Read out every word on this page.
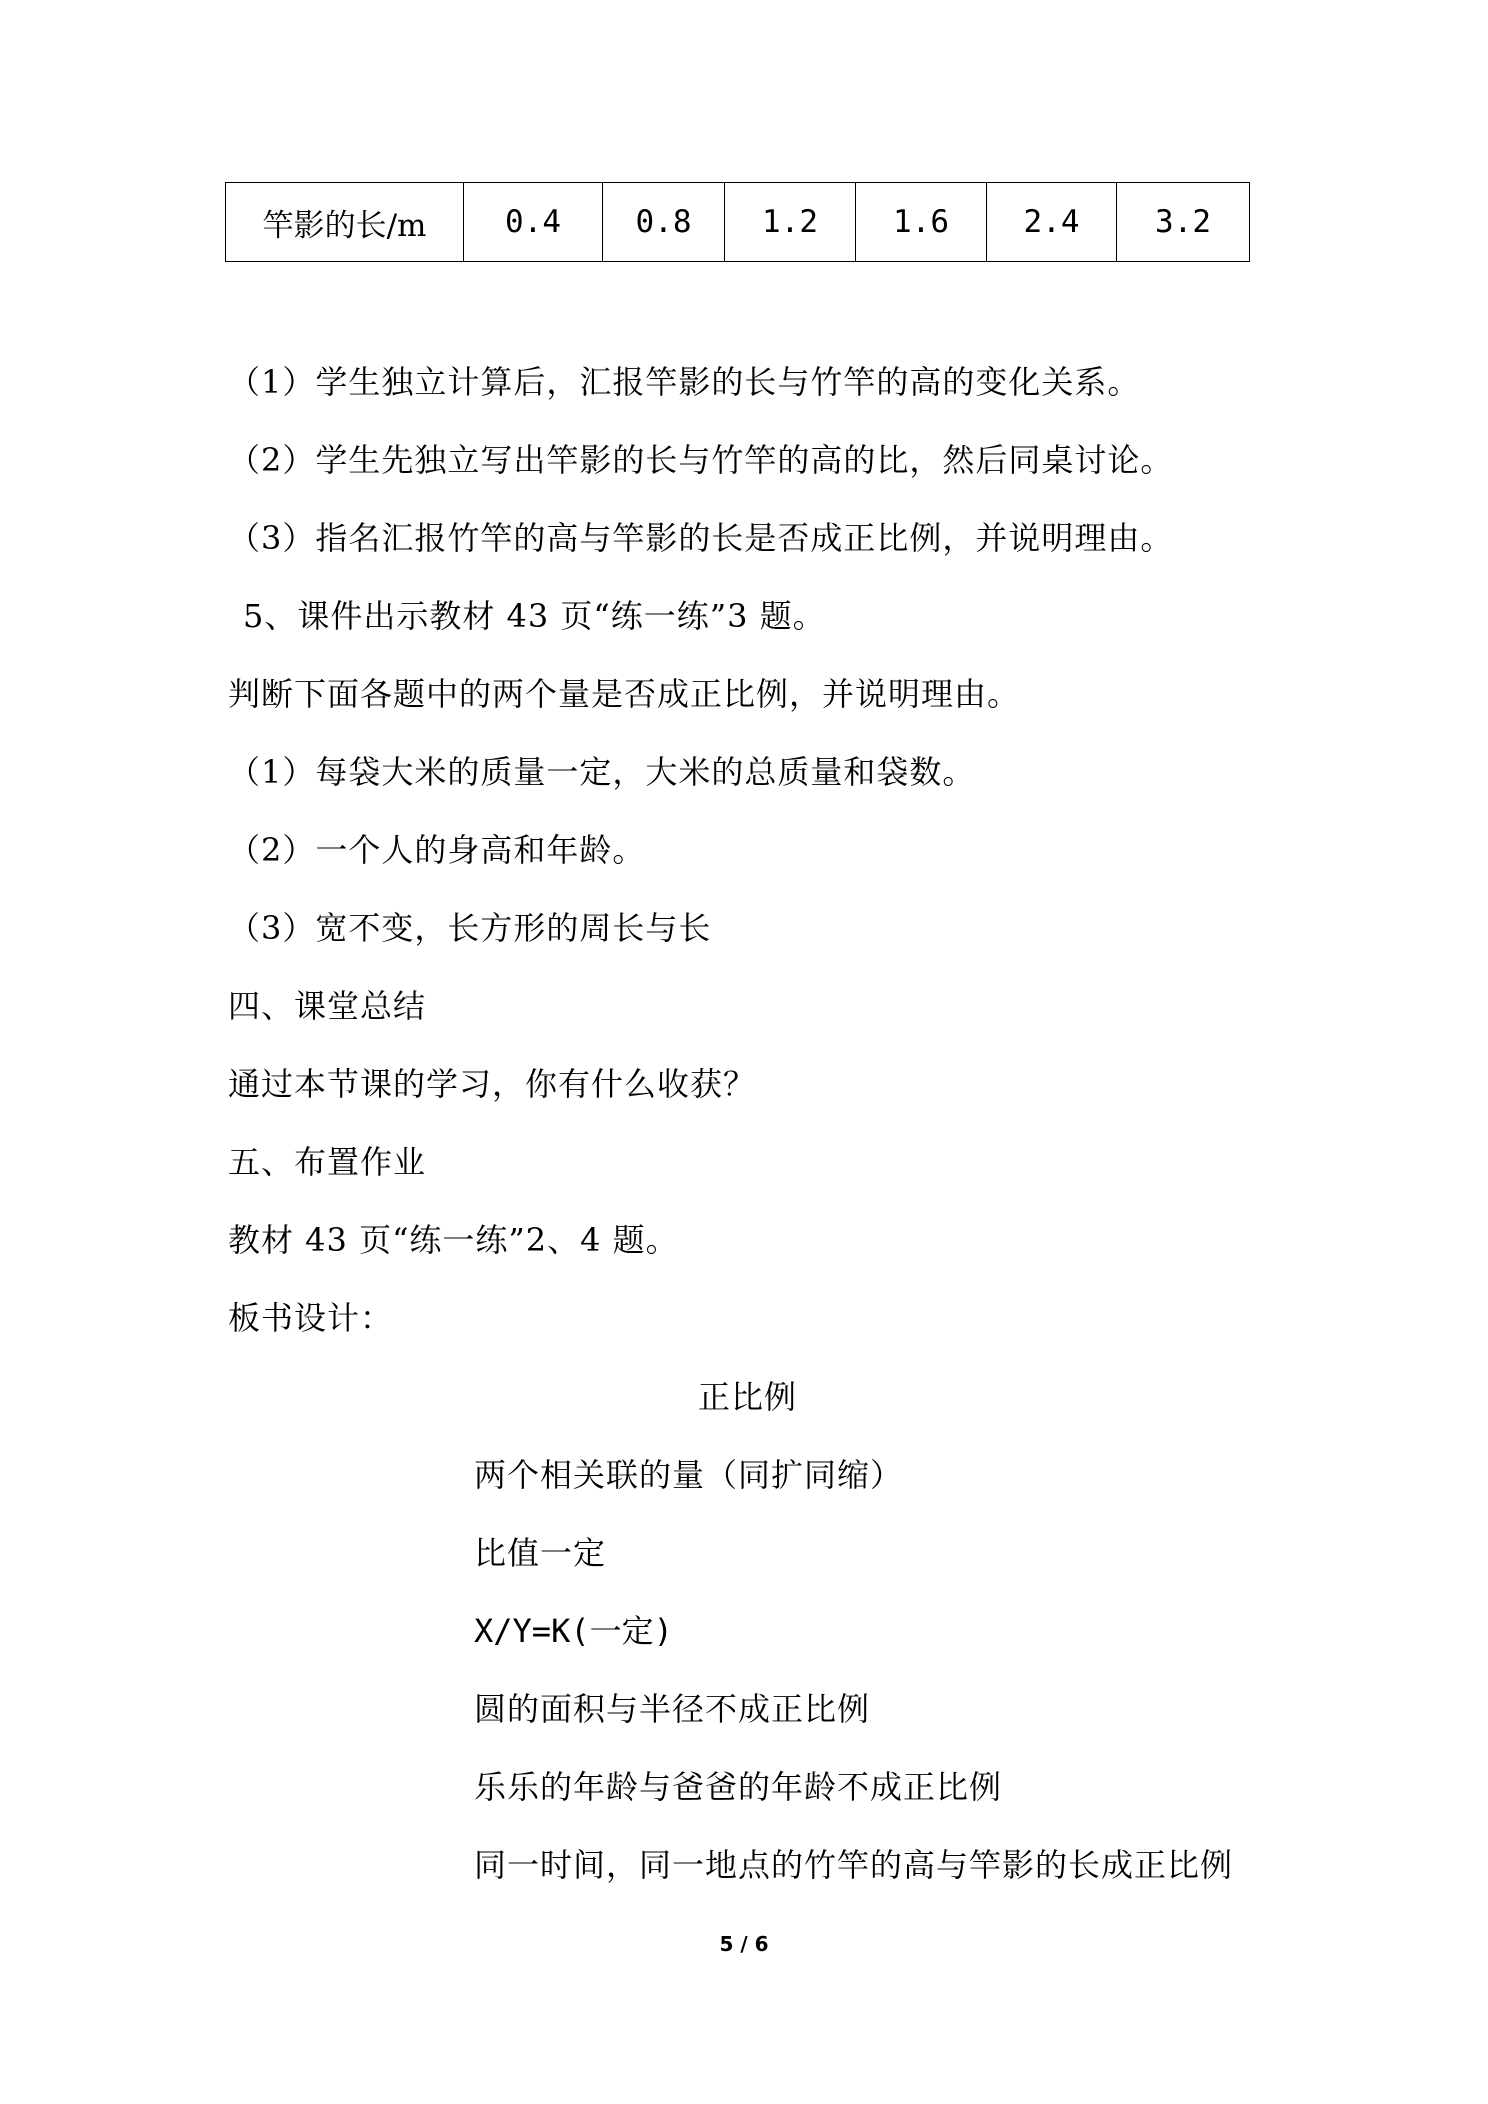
竿影的长/m	0.4	0.8	1.2	1.6	2.4	3.2
（1）学生独立计算后，汇报竿影的长与竹竿的高的变化关系。
（2）学生先独立写出竿影的长与竹竿的高的比，然后同桌讨论。
（3）指名汇报竹竿的高与竿影的长是否成正比例，并说明理由。
5、课件出示教材 43 页“练一练”3 题。
判断下面各题中的两个量是否成正比例，并说明理由。
（1）每袋大米的质量一定，大米的总质量和袋数。
（2）一个人的身高和年龄。
（3）宽不变，长方形的周长与长
四、课堂总结
通过本节课的学习，你有什么收获？
五、布置作业
教材 43 页“练一练”2、4 题。
板书设计：
正比例
两个相关联的量（同扩同缩）
比值一定
X/Y=K(一定)
圆的面积与半径不成正比例
乐乐的年龄与爸爸的年龄不成正比例
同一时间，同一地点的竹竿的高与竿影的长成正比例
5 / 6
